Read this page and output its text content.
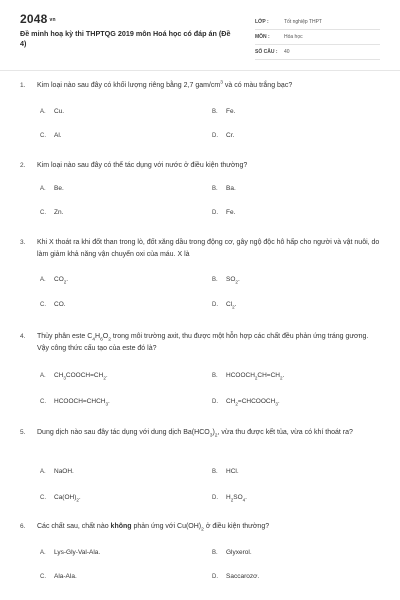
2048 vn
Đề minh hoạ kỳ thi THPTQG 2019 môn Hoá học có đáp án (Đề 4)
LỚP :	Tốt nghiệp THPT
MÔN :	Hóa học
SỐ CÂU : 40
1. Kim loại nào sau đây có khối lượng riêng bằng 2,7 gam/$cm^3$ và có màu trắng bạc?
A. Cu.	B. Fe.
C. Al.	D. Cr.
2. Kim loại nào sau đây có thể tác dụng với nước ở điều kiện thường?
A. Be.	B. Ba.
C. Zn.	D. Fe.
3. Khi X thoát ra khi đốt than trong lò, đốt xăng dầu trong động cơ, gây ngộ độc hô hấp cho người và vật nuôi, do làm giảm khả năng vận chuyển oxi của máu. X là
A. $CO_2$.	B. $SO_2$.
C. CO.	D. $Cl_2$.
4. Thủy phân este $C_4H_6O_2$ trong môi trường axit, thu được một hỗn hợp các chất đều phản ứng tráng gương. Vậy công thức cấu tạo của este đó là?
A. $CH_3COOCH=CH_2$.	B. $HCOOCH_2CH=CH_2$.
C. $HCOOCH=CHCH_3$.	D. $CH_2=CHCOOCH_3$.
5. Dung dịch nào sau đây tác dụng với dung dịch $Ba(HCO_3)_2$, vừa thu được kết tủa, vừa có khí thoát ra?
A. NaOH.	B. HCl.
C. $Ca(OH)_2$.	D. $H_2SO_4$.
6. Các chất sau, chất nào không phản ứng với $Cu(OH)_2$ ở điều kiện thường?
A. Lys-Gly-Val-Ala.	B. Glyxerol.
C. Ala-Ala.	D. Saccarozơ.
